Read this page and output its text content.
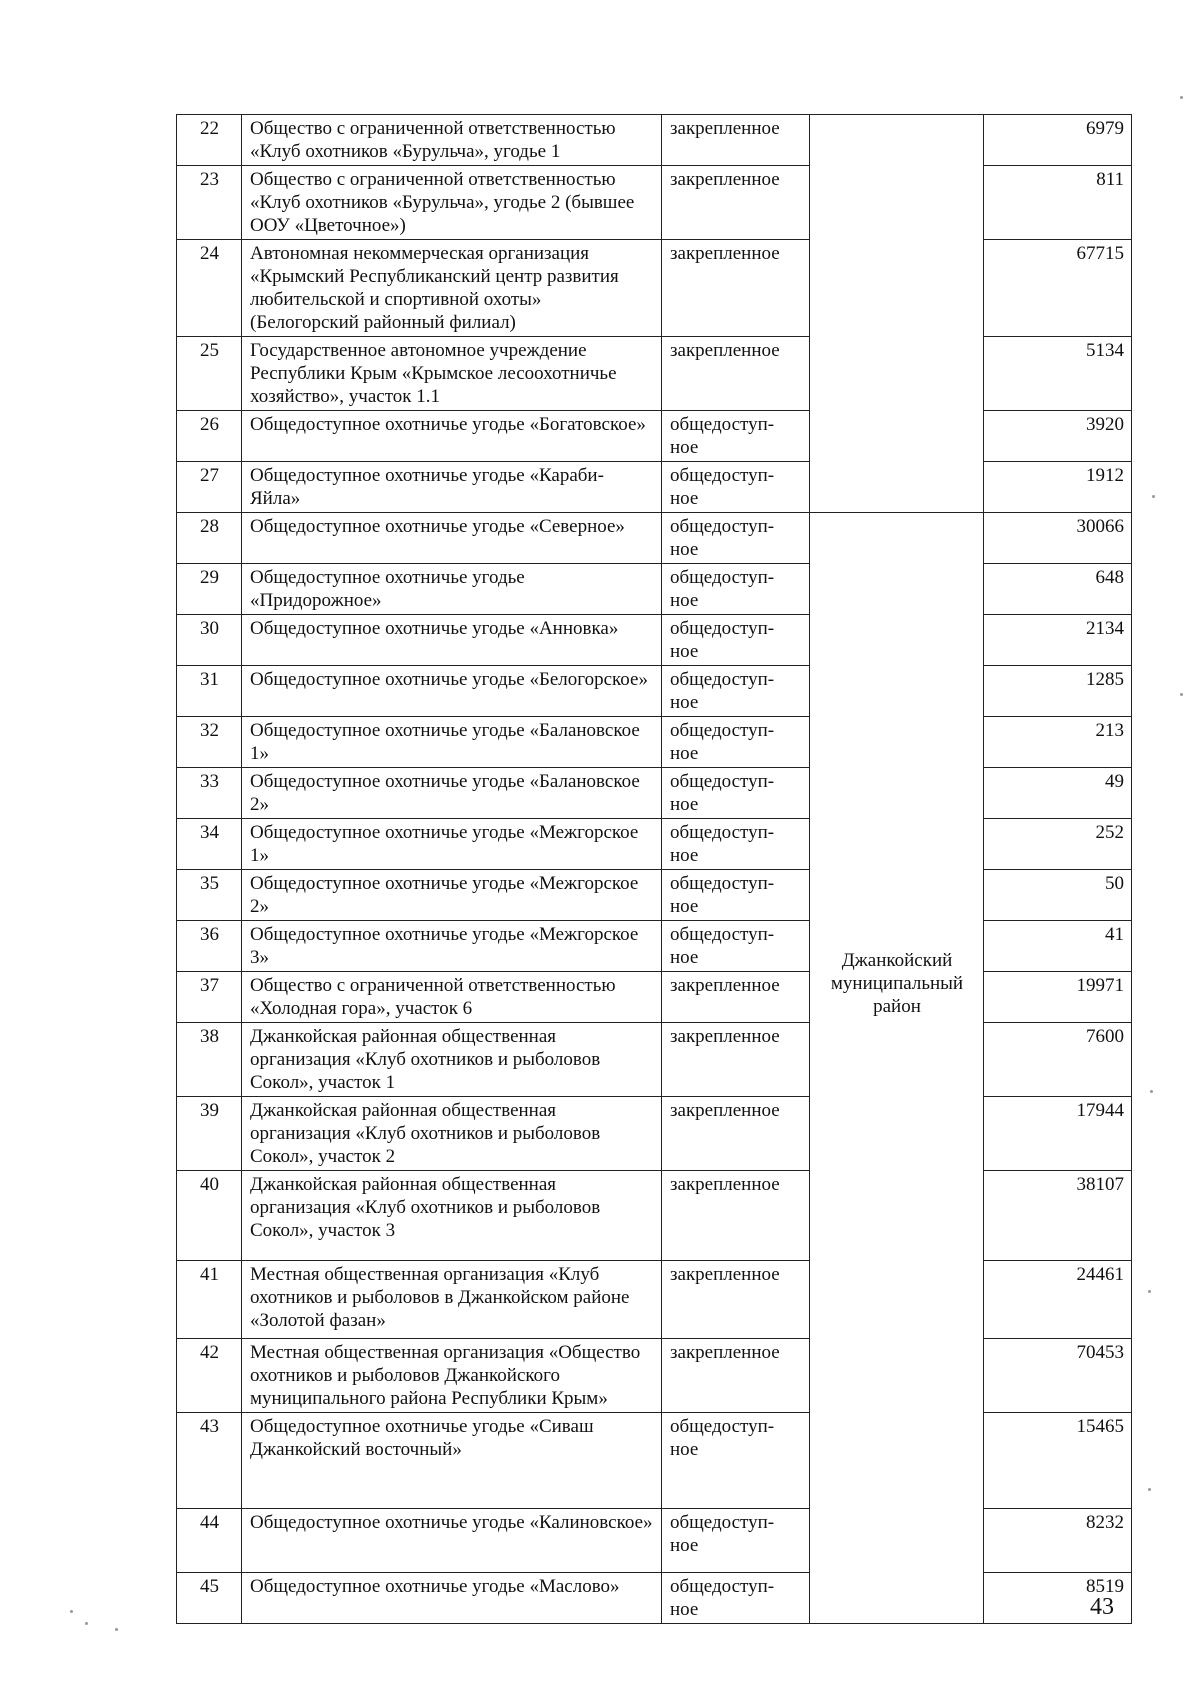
22	Общество с ограниченной ответственностью «Клуб охотников «Бурульча», угодье 1	закрепленное		6979
23	Общество с ограниченной ответственностью «Клуб охотников «Бурульча», угодье 2 (бывшее ООУ «Цветочное»)	закрепленное		811
24	Автономная некоммерческая организация «Крымский Республиканский центр развития любительской и спортивной охоты» (Белогорский районный филиал)	закрепленное		67715
25	Государственное автономное учреждение Республики Крым «Крымское лесоохотничье хозяйство», участок 1.1	закрепленное		5134
26	Общедоступное охотничье угодье «Богатовское»	общедоступ-ное		3920
27	Общедоступное охотничье угодье «Караби-Яйла»	общедоступ-ное		1912
28	Общедоступное охотничье угодье «Северное»	общедоступ-ное	Джанкойский муниципальный район	30066
29	Общедоступное охотничье угодье «Придорожное»	общедоступ-ное		648
30	Общедоступное охотничье угодье «Анновка»	общедоступ-ное		2134
31	Общедоступное охотничье угодье «Белогорское»	общедоступ-ное		1285
32	Общедоступное охотничье угодье «Балановское 1»	общедоступ-ное		213
33	Общедоступное охотничье угодье «Балановское 2»	общедоступ-ное		49
34	Общедоступное охотничье угодье «Межгорское 1»	общедоступ-ное		252
35	Общедоступное охотничье угодье «Межгорское 2»	общедоступ-ное		50
36	Общедоступное охотничье угодье «Межгорское 3»	общедоступ-ное		41
37	Общество с ограниченной ответственностью «Холодная гора», участок 6	закрепленное		19971
38	Джанкойская районная общественная организация «Клуб охотников и рыболовов Сокол», участок 1	закрепленное		7600
39	Джанкойская районная общественная организация «Клуб охотников и рыболовов Сокол», участок 2	закрепленное		17944
40	Джанкойская районная общественная организация «Клуб охотников и рыболовов Сокол», участок 3	закрепленное		38107
41	Местная общественная организация «Клуб охотников и рыболовов в Джанкойском районе «Золотой фазан»	закрепленное		24461
42	Местная общественная организация «Общество охотников и рыболовов Джанкойского муниципального района Республики Крым»	закрепленное		70453
43	Общедоступное охотничье угодье «Сиваш Джанкойский восточный»	общедоступ-ное		15465
44	Общедоступное охотничье угодье «Калиновское»	общедоступ-ное		8232
45	Общедоступное охотничье угодье «Маслово»	общедоступ-ное		8519
43
